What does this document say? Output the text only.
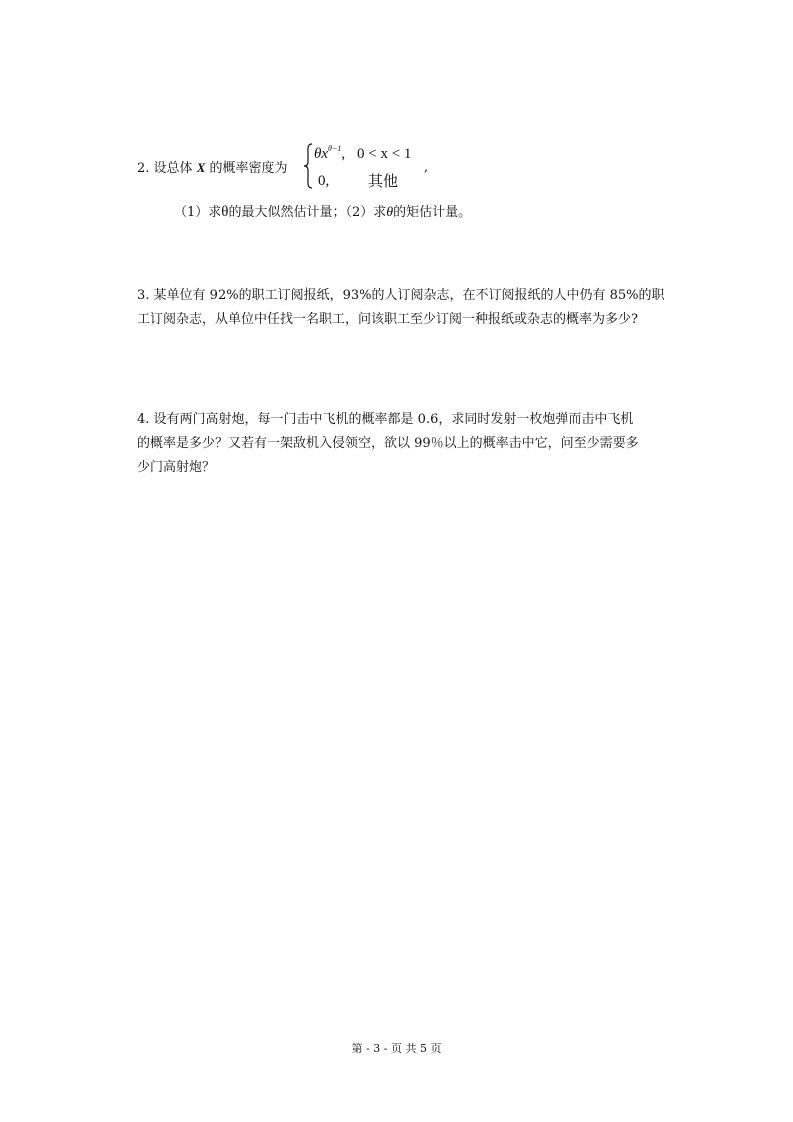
2. 设总体 X 的概率密度为
$\theta x^{\theta-1}$, 0 < x < 1
0,	其他
,
（1）求θ的最大似然估计量；（2）求θ的矩估计量。
3. 某单位有 92%的职工订阅报纸，93%的人订阅杂志，在不订阅报纸的人中仍有 85%的职
工订阅杂志，从单位中任找一名职工，问该职工至少订阅一种报纸或杂志的概率为多少?
4. 设有两门高射炮，每一门击中飞机的概率都是 0.6，求同时发射一枚炮弹而击中飞机
的概率是多少？又若有一架敌机入侵领空，欲以 99％以上的概率击中它，问至少需要多
少门高射炮？
第 - 3 - 页 共 5 页
